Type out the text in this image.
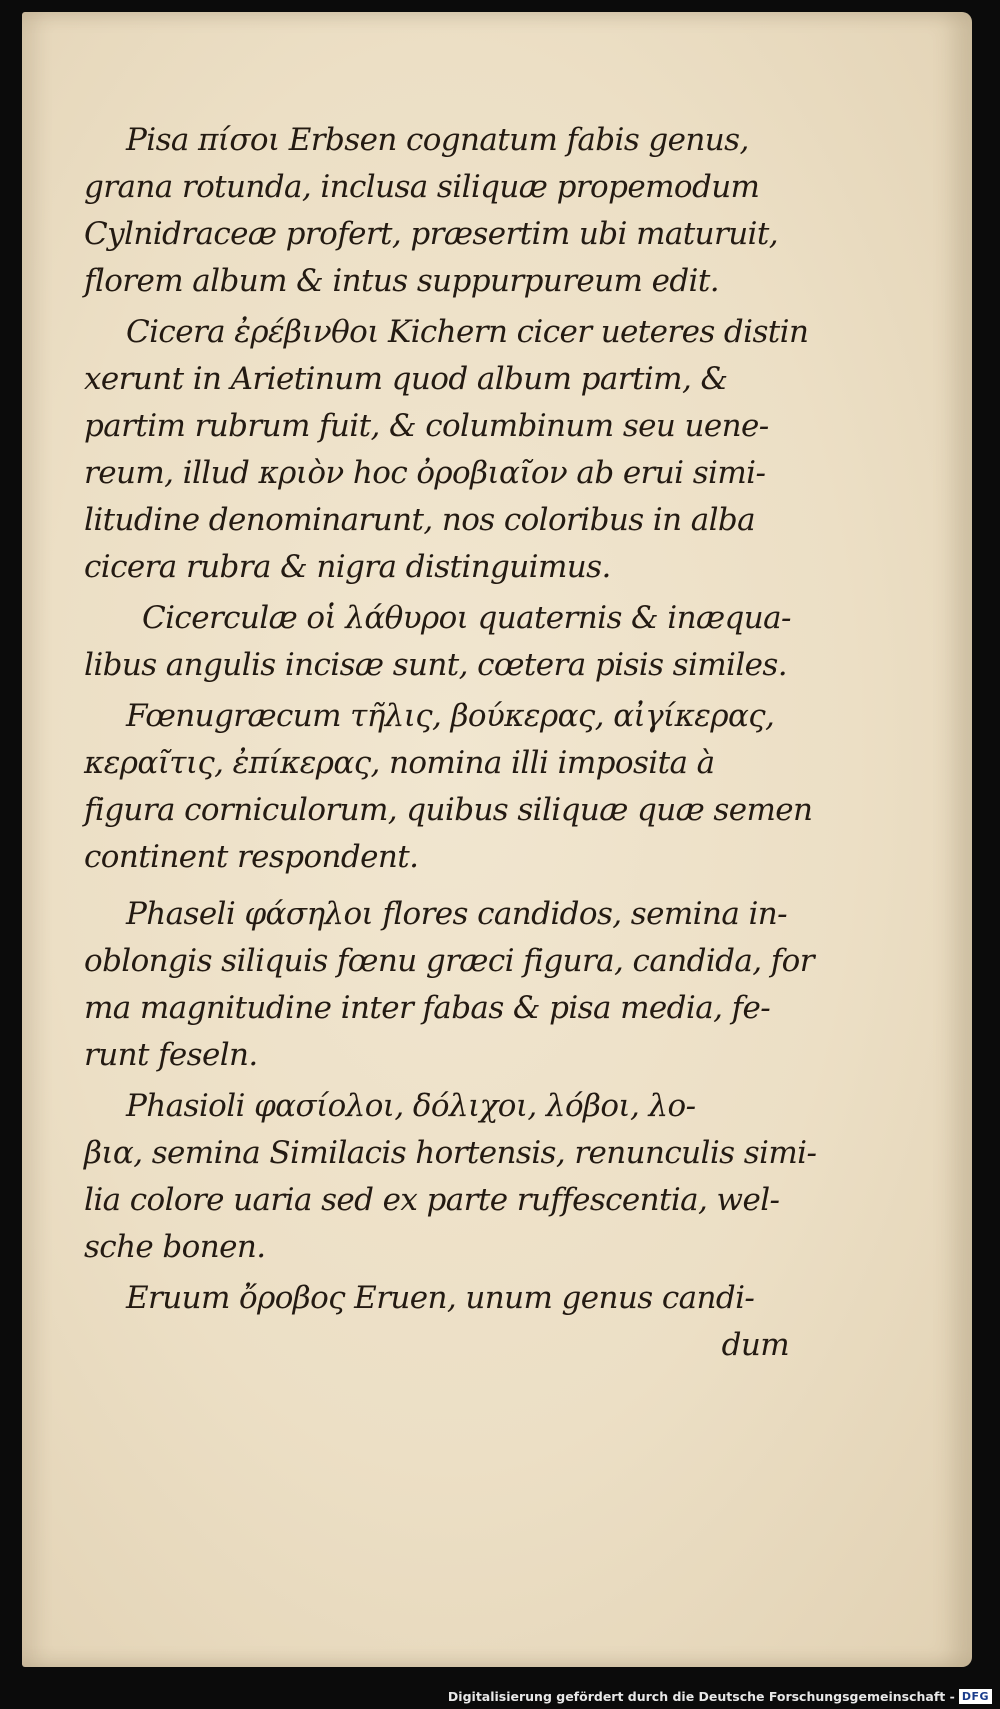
Pisa πίσοι Erbsen cognatum fabis genus,
grana rotunda, inclusa siliquæ propemodum
Cylnidraceæ profert, præsertim ubi maturuit,
florem album & intus suppurpureum edit.
Cicera ἐρέβινθοι Kichern cicer ueteres distin
xerunt in Arietinum quod album partim, &
partim rubrum fuit, & columbinum seu uene-
reum, illud κριὸν hoc ὀροβιαῖον ab erui simi-
litudine denominarunt, nos coloribus in alba
cicera rubra & nigra distinguimus.
Cicerculæ οἱ λάθυροι quaternis & inæqua-
libus angulis incisæ sunt, cœtera pisis similes.
Fœnugræcum τῆλις, βούκερας, αἰγίκερας,
κεραῖτις, ἐπίκερας, nomina illi imposita à
figura corniculorum, quibus siliquæ quæ semen
continent respondent.
Phaseli φάσηλοι flores candidos, semina in-
oblongis siliquis fœnu græci figura, candida, for
ma magnitudine inter fabas & pisa media, fe-
runt feseln.
Phasioli φασίολοι, δόλιχοι, λόβοι, λο-
βια, semina Similacis hortensis, renunculis simi-
lia colore uaria sed ex parte ruffescentia, wel-
sche bonen.
Eruum ὄροβος Eruen, unum genus candi-
dum
Digitalisierung gefördert durch die Deutsche Forschungsgemeinschaft - DFG
